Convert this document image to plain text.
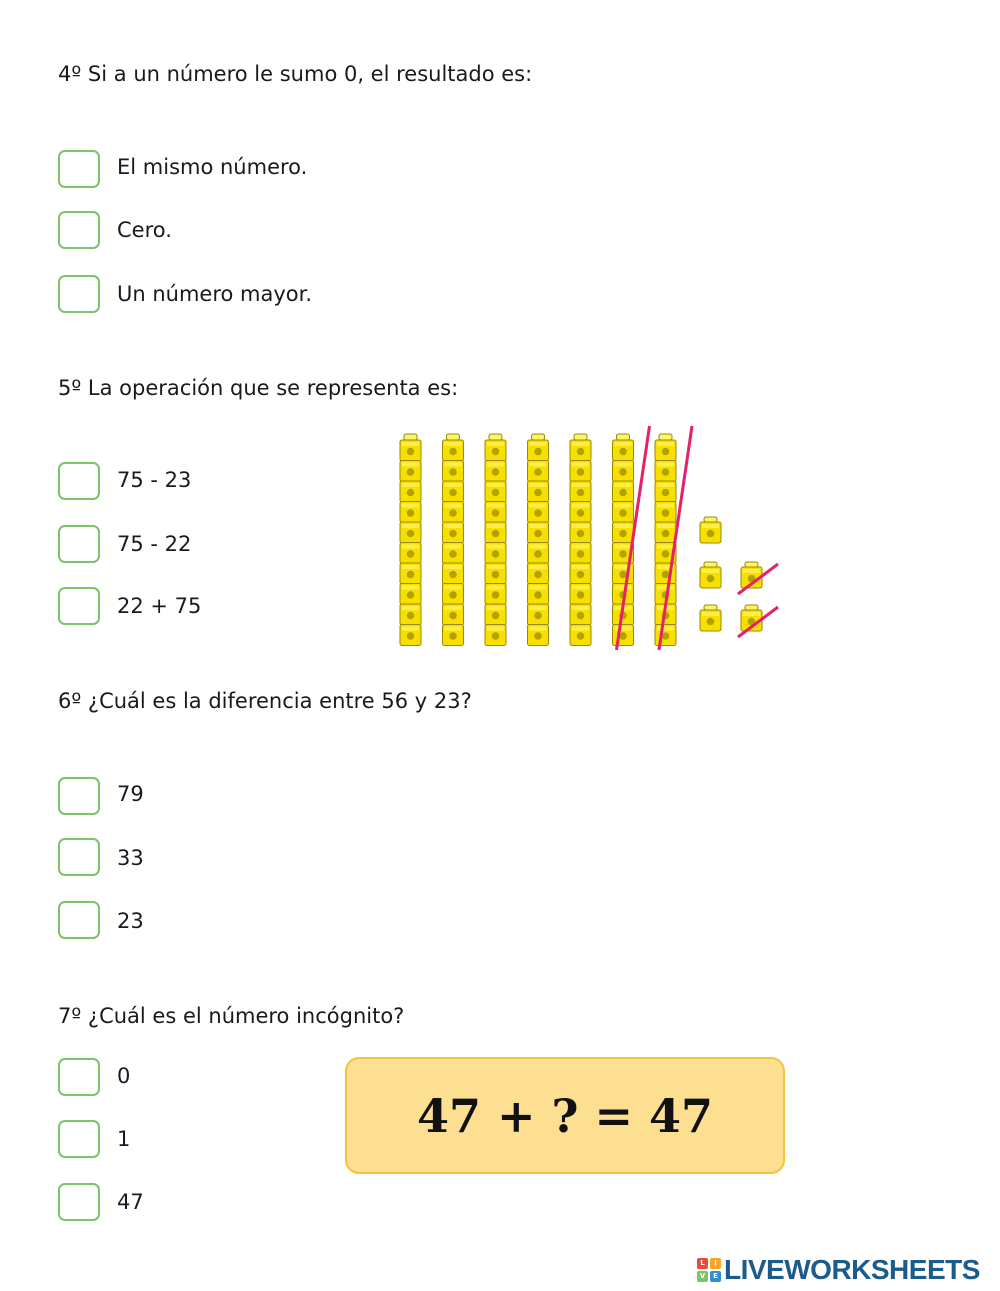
4º Si a un número le sumo 0, el resultado es:
El mismo número.
Cero.
Un número mayor.
5º La operación que se representa es:
75 - 23
75 - 22
22 + 75
6º ¿Cuál es la diferencia entre 56 y 23?
79
33
23
7º ¿Cuál es el número incógnito?
0
1
47
47 + ? = 47
L	I
V	E LIVEWORKSHEETS
